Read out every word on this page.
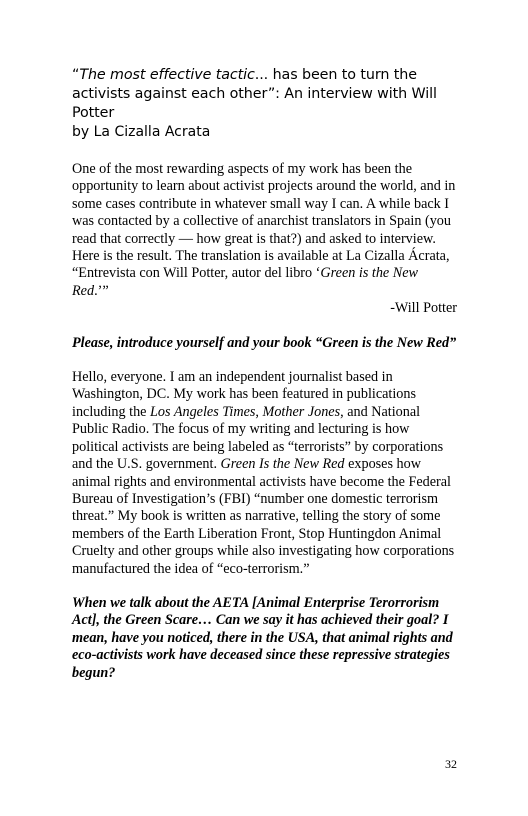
“The most effective tactic... has been to turn the activists against each other”: An interview with Will Potter

by La Cizalla Acrata

One of the most rewarding aspects of my work has been the opportunity to learn about activist projects around the world, and in some cases contribute in whatever small way I can. A while back I was contacted by a collective of anarchist translators in Spain (you read that correctly — how great is that?) and asked to interview. Here is the result. The translation is available at La Cizalla Ácrata, “Entrevista con Will Potter, autor del libro ‘Green is the New Red.’”

-Will Potter

Please, introduce yourself and your book “Green is the New Red”

Hello, everyone. I am an independent journalist based in Washington, DC. My work has been featured in publications including the Los Angeles Times, Mother Jones, and National Public Radio. The focus of my writing and lecturing is how political activists are being labeled as “terrorists” by corporations and the U.S. government. Green Is the New Red exposes how animal rights and environmental activists have become the Federal Bureau of Investigation’s (FBI) “number one domestic terrorism threat.” My book is written as narrative, telling the story of some members of the Earth Liberation Front, Stop Huntingdon Animal Cruelty and other groups while also investigating how corporations manufactured the idea of “eco-terrorism.”

When we talk about the AETA [Animal Enterprise Terorrorism Act], the Green Scare… Can we say it has achieved their goal? I mean, have you noticed, there in the USA, that animal rights and eco-activists work have deceased since these repressive strategies begun?

32
